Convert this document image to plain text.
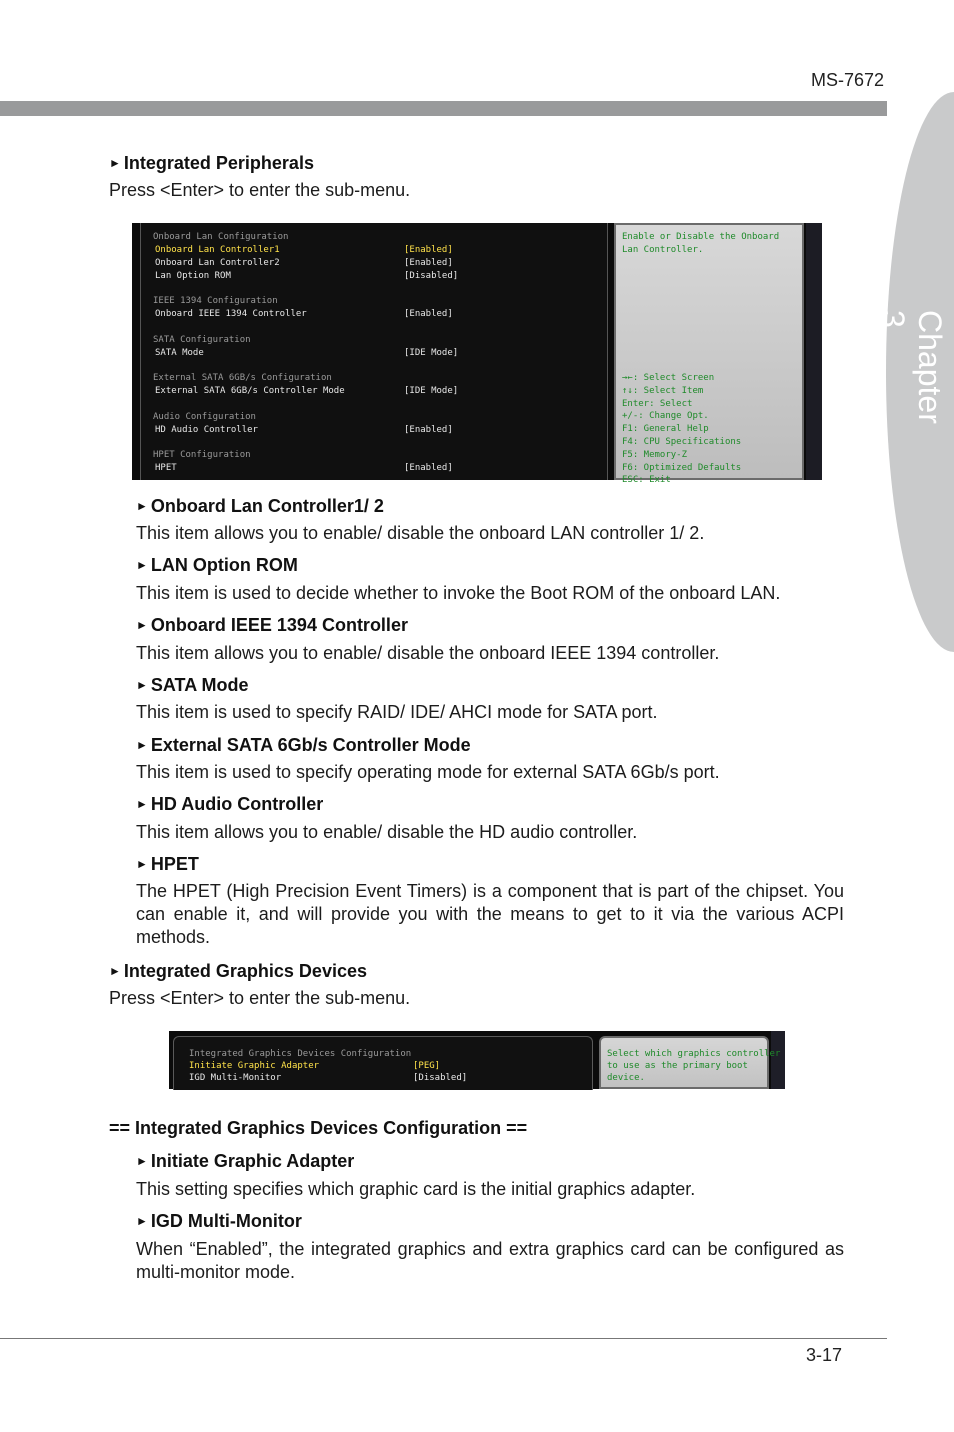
MS-7672
Chapter 3
► Integrated Peripherals
Press <Enter> to enter the sub-menu.
Onboard Lan Configuration
Onboard Lan Controller1	[Enabled]
Onboard Lan Controller2	[Enabled]
Lan Option ROM	[Disabled]
IEEE 1394 Configuration
Onboard IEEE 1394 Controller	[Enabled]
SATA Configuration
SATA Mode	[IDE Mode]
External SATA 6GB/s Configuration
External SATA 6GB/s Controller Mode	[IDE Mode]
Audio Configuration
HD Audio Controller	[Enabled]
HPET Configuration
HPET	[Enabled]
Enable or Disable the Onboard
Lan Controller.
→←: Select Screen
↑↓: Select Item
Enter: Select
+/-: Change Opt.
F1: General Help
F4: CPU Specifications
F5: Memory-Z
F6: Optimized Defaults
ESC: Exit
► Onboard Lan Controller1/ 2
This item allows you to enable/ disable the onboard LAN controller 1/ 2.
► LAN Option ROM
This item is used to decide whether to invoke the Boot ROM of the onboard LAN.
► Onboard IEEE 1394 Controller
This item allows you to enable/ disable the onboard IEEE 1394 controller.
► SATA Mode
This item is used to specify RAID/ IDE/ AHCI mode for SATA port.
► External SATA 6Gb/s Controller Mode
This item is used to specify operating mode for external SATA 6Gb/s port.
► HD Audio Controller
This item allows you to enable/ disable the HD audio controller.
► HPET
The HPET (High Precision Event Timers) is a component that is part of the chipset. You can enable it, and will provide you with the means to get to it via the various ACPI methods.
► Integrated Graphics Devices
Press <Enter> to enter the sub-menu.
Integrated Graphics Devices Configuration
Initiate Graphic Adapter	[PEG]
IGD Multi-Monitor	[Disabled]
Select which graphics controller
to use as the primary boot
device.
== Integrated Graphics Devices Configuration ==
► Initiate Graphic Adapter
This setting specifies which graphic card is the initial graphics adapter.
► IGD Multi-Monitor
When “Enabled”, the integrated graphics and extra graphics card can be configured as multi-monitor mode.
3-17
